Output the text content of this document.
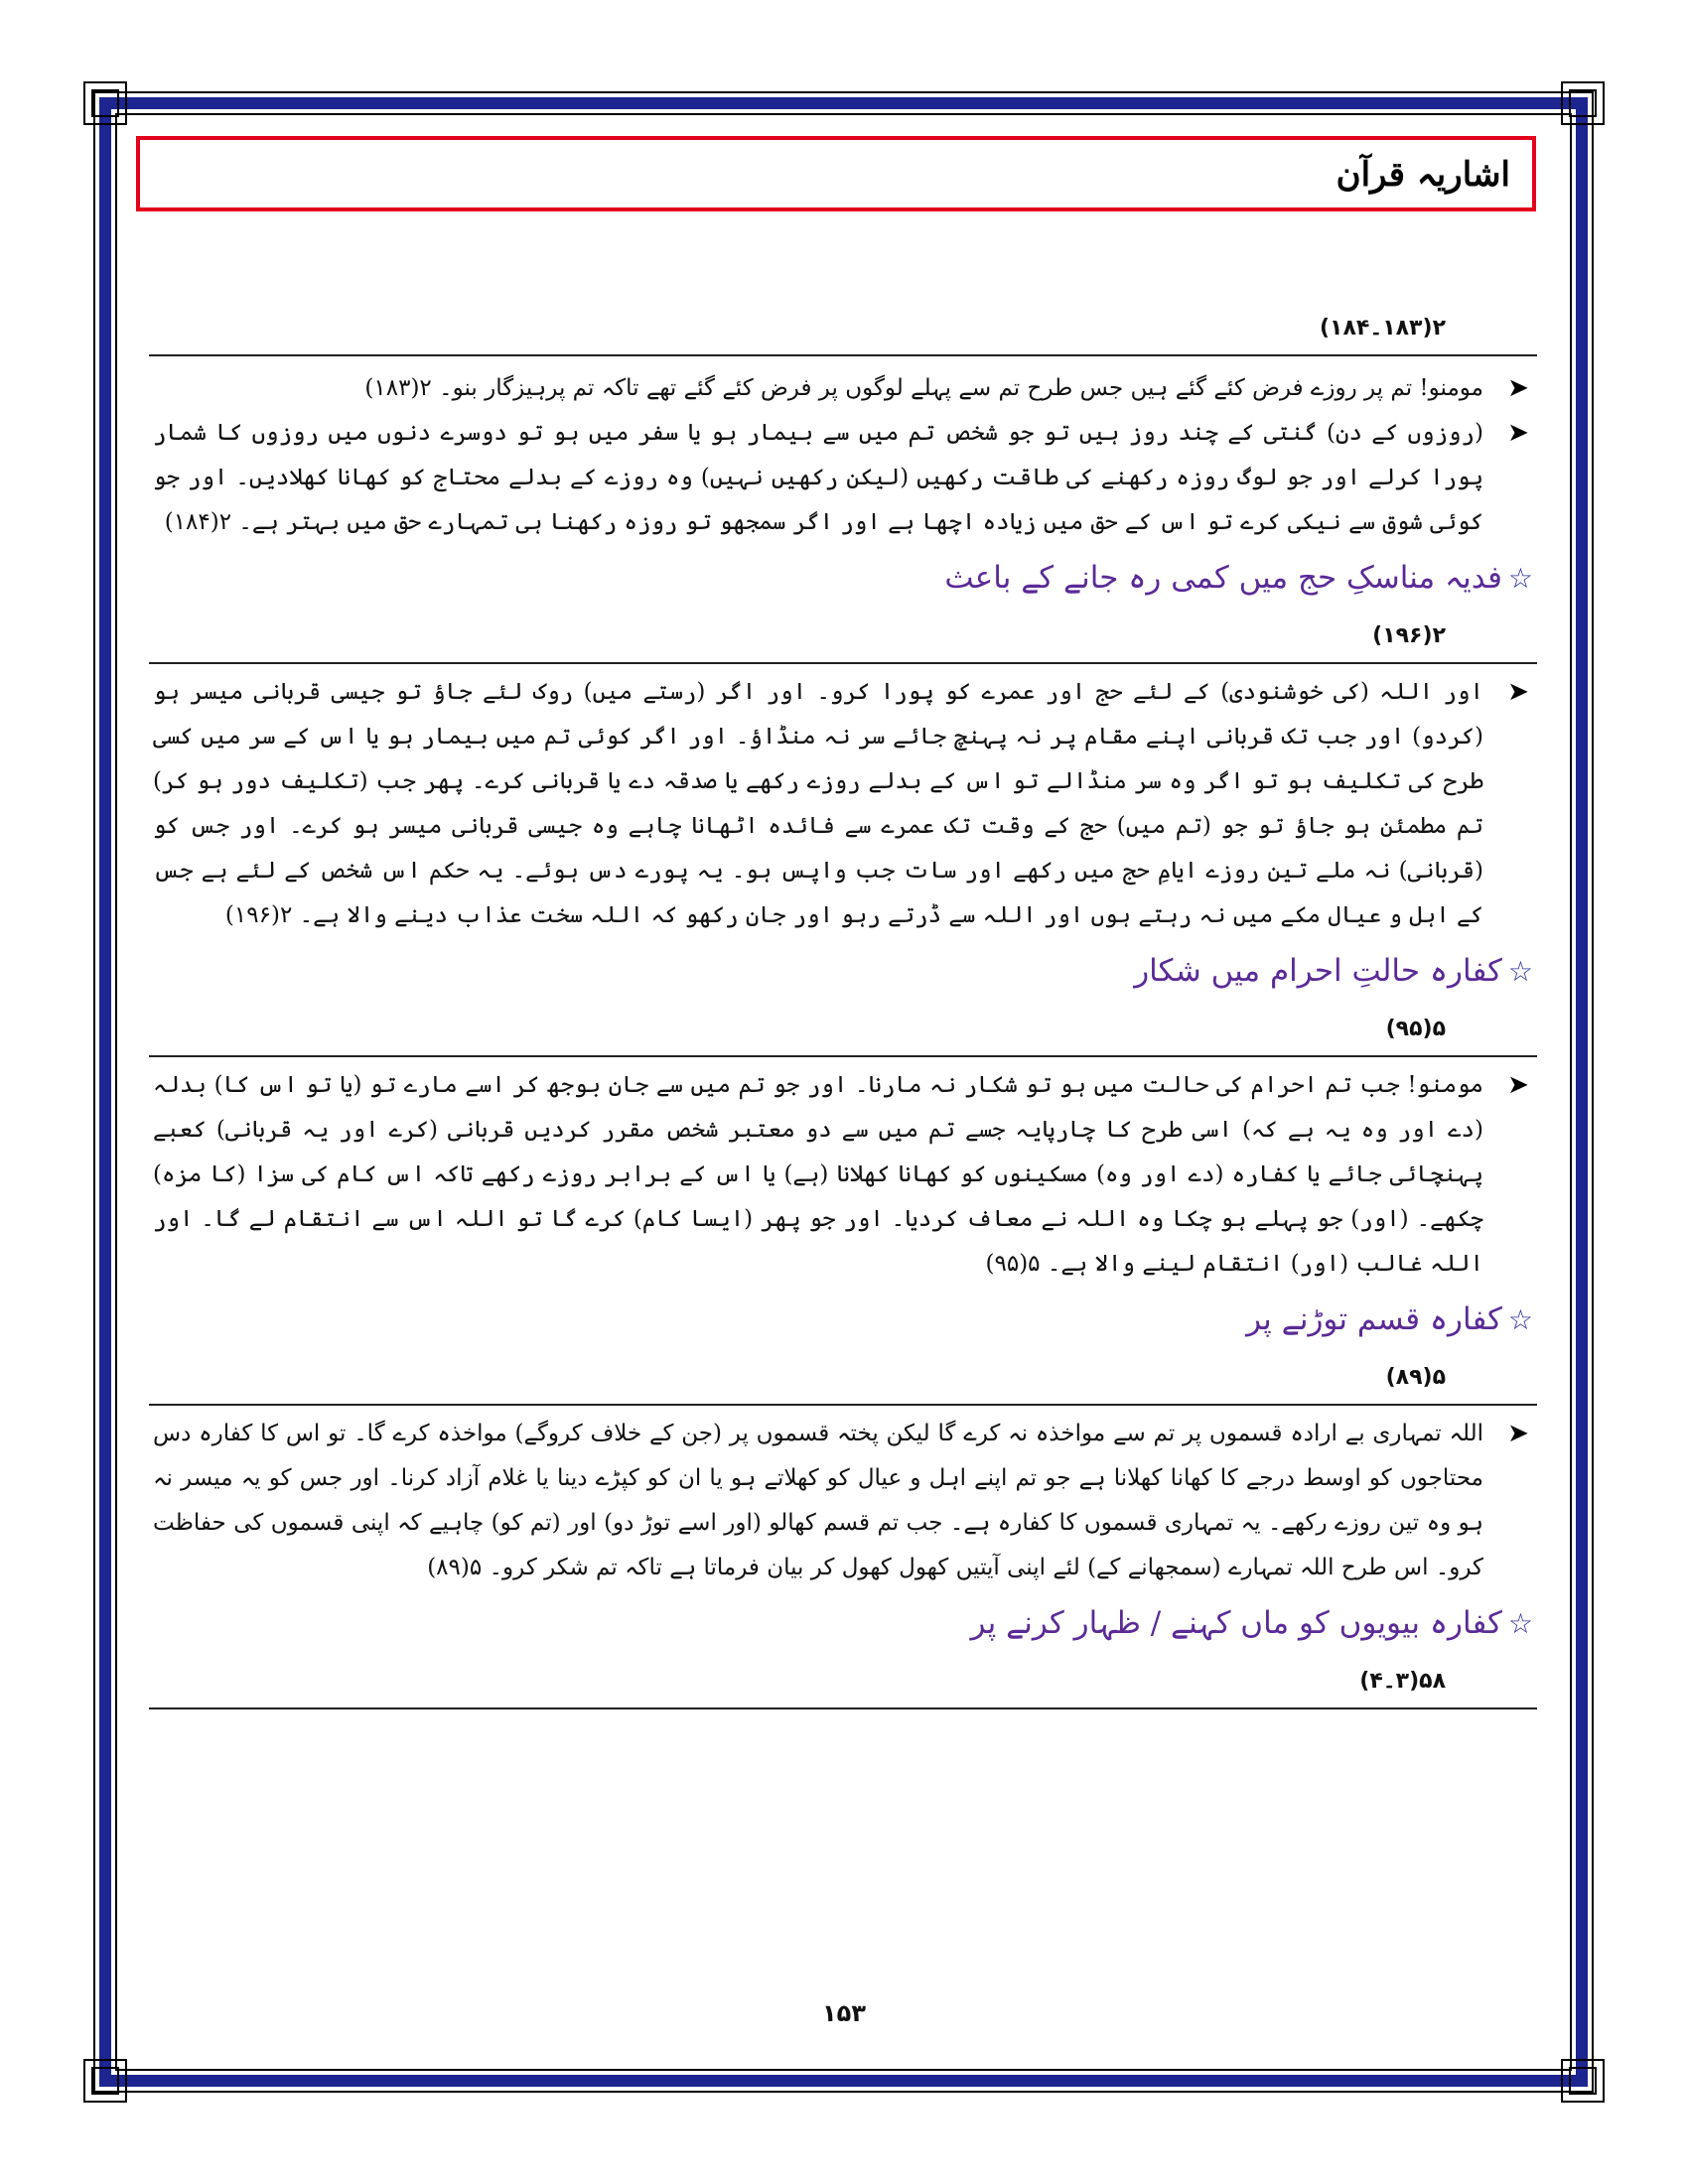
اشاریہ قرآن
۲(۱۸۳۔۱۸۴)
➤
مومنو! تم پر روزے فرض کئے گئے ہیں جس طرح تم سے پہلے لوگوں پر فرض کئے گئے تھے تاکہ تم پرہیزگار بنو۔ ۲(۱۸۳)
➤
(روزوں کے دن) گنتی کے چند روز ہیں تو جو شخص تم میں سے بیمار ہو یا سفر میں ہو تو دوسرے دنوں میں روزوں کا شمار پورا کرلے اور جو لوگ روزہ رکھنے کی طاقت رکھیں (لیکن رکھیں نہیں) وہ روزے کے بدلے محتاج کو کھانا کھلادیں۔ اور جو کوئی شوق سے نیکی کرے تو اس کے حق میں زیادہ اچھا ہے اور اگر سمجھو تو روزہ رکھنا ہی تمہارے حق میں بہتر ہے۔ ۲(۱۸۴)
☆فدیہ مناسکِ حج میں کمی رہ جانے کے باعث
۲(۱۹۶)
➤
اور اللہ (کی خوشنودی) کے لئے حج اور عمرے کو پورا کرو۔ اور اگر (رستے میں) روک لئے جاؤ تو جیسی قربانی میسر ہو (کردو) اور جب تک قربانی اپنے مقام پر نہ پہنچ جائے سر نہ منڈاؤ۔ اور اگر کوئی تم میں بیمار ہو یا اس کے سر میں کسی طرح کی تکلیف ہو تو اگر وہ سر منڈالے تو اس کے بدلے روزے رکھے یا صدقہ دے یا قربانی کرے۔ پھر جب (تکلیف دور ہو کر) تم مطمئن ہو جاؤ تو جو (تم میں) حج کے وقت تک عمرے سے فائدہ اٹھانا چاہے وہ جیسی قربانی میسر ہو کرے۔ اور جس کو (قربانی) نہ ملے تین روزے ایامِ حج میں رکھے اور سات جب واپس ہو۔ یہ پورے دس ہوئے۔ یہ حکم اس شخص کے لئے ہے جس کے اہل و عیال مکے میں نہ رہتے ہوں اور اللہ سے ڈرتے رہو اور جان رکھو کہ اللہ سخت عذاب دینے والا ہے۔ ۲(۱۹۶)
☆کفارہ حالتِ احرام میں شکار
۵(۹۵)
➤
مومنو! جب تم احرام کی حالت میں ہو تو شکار نہ مارنا۔ اور جو تم میں سے جان بوجھ کر اسے مارے تو (یا تو اس کا) بدلہ (دے اور وہ یہ ہے کہ) اسی طرح کا چارپایہ جسے تم میں سے دو معتبر شخص مقرر کردیں قربانی (کرے اور یہ قربانی) کعبے پہنچائی جائے یا کفارہ (دے اور وہ) مسکینوں کو کھانا کھلانا (ہے) یا اس کے برابر روزے رکھے تاکہ اس کام کی سزا (کا مزہ) چکھے۔ (اور) جو پہلے ہو چکا وہ اللہ نے معاف کردیا۔ اور جو پھر (ایسا کام) کرے گا تو اللہ اس سے انتقام لے گا۔ اور اللہ غالب (اور) انتقام لینے والا ہے۔ ۵(۹۵)
☆کفارہ قسم توڑنے پر
۵(۸۹)
➤
اللہ تمہاری بے ارادہ قسموں پر تم سے مواخذہ نہ کرے گا لیکن پختہ قسموں پر (جن کے خلاف کروگے) مواخذہ کرے گا۔ تو اس کا کفارہ دس محتاجوں کو اوسط درجے کا کھانا کھلانا ہے جو تم اپنے اہل و عیال کو کھلاتے ہو یا ان کو کپڑے دینا یا غلام آزاد کرنا۔ اور جس کو یہ میسر نہ ہو وہ تین روزے رکھے۔ یہ تمہاری قسموں کا کفارہ ہے۔ جب تم قسم کھالو (اور اسے توڑ دو) اور (تم کو) چاہیے کہ اپنی قسموں کی حفاظت کرو۔ اس طرح اللہ تمہارے (سمجھانے کے) لئے اپنی آیتیں کھول کھول کر بیان فرماتا ہے تاکہ تم شکر کرو۔ ۵(۸۹)
☆کفارہ بیویوں کو ماں کہنے / ظہار کرنے پر
۵۸(۳۔۴)
۱۵۳
